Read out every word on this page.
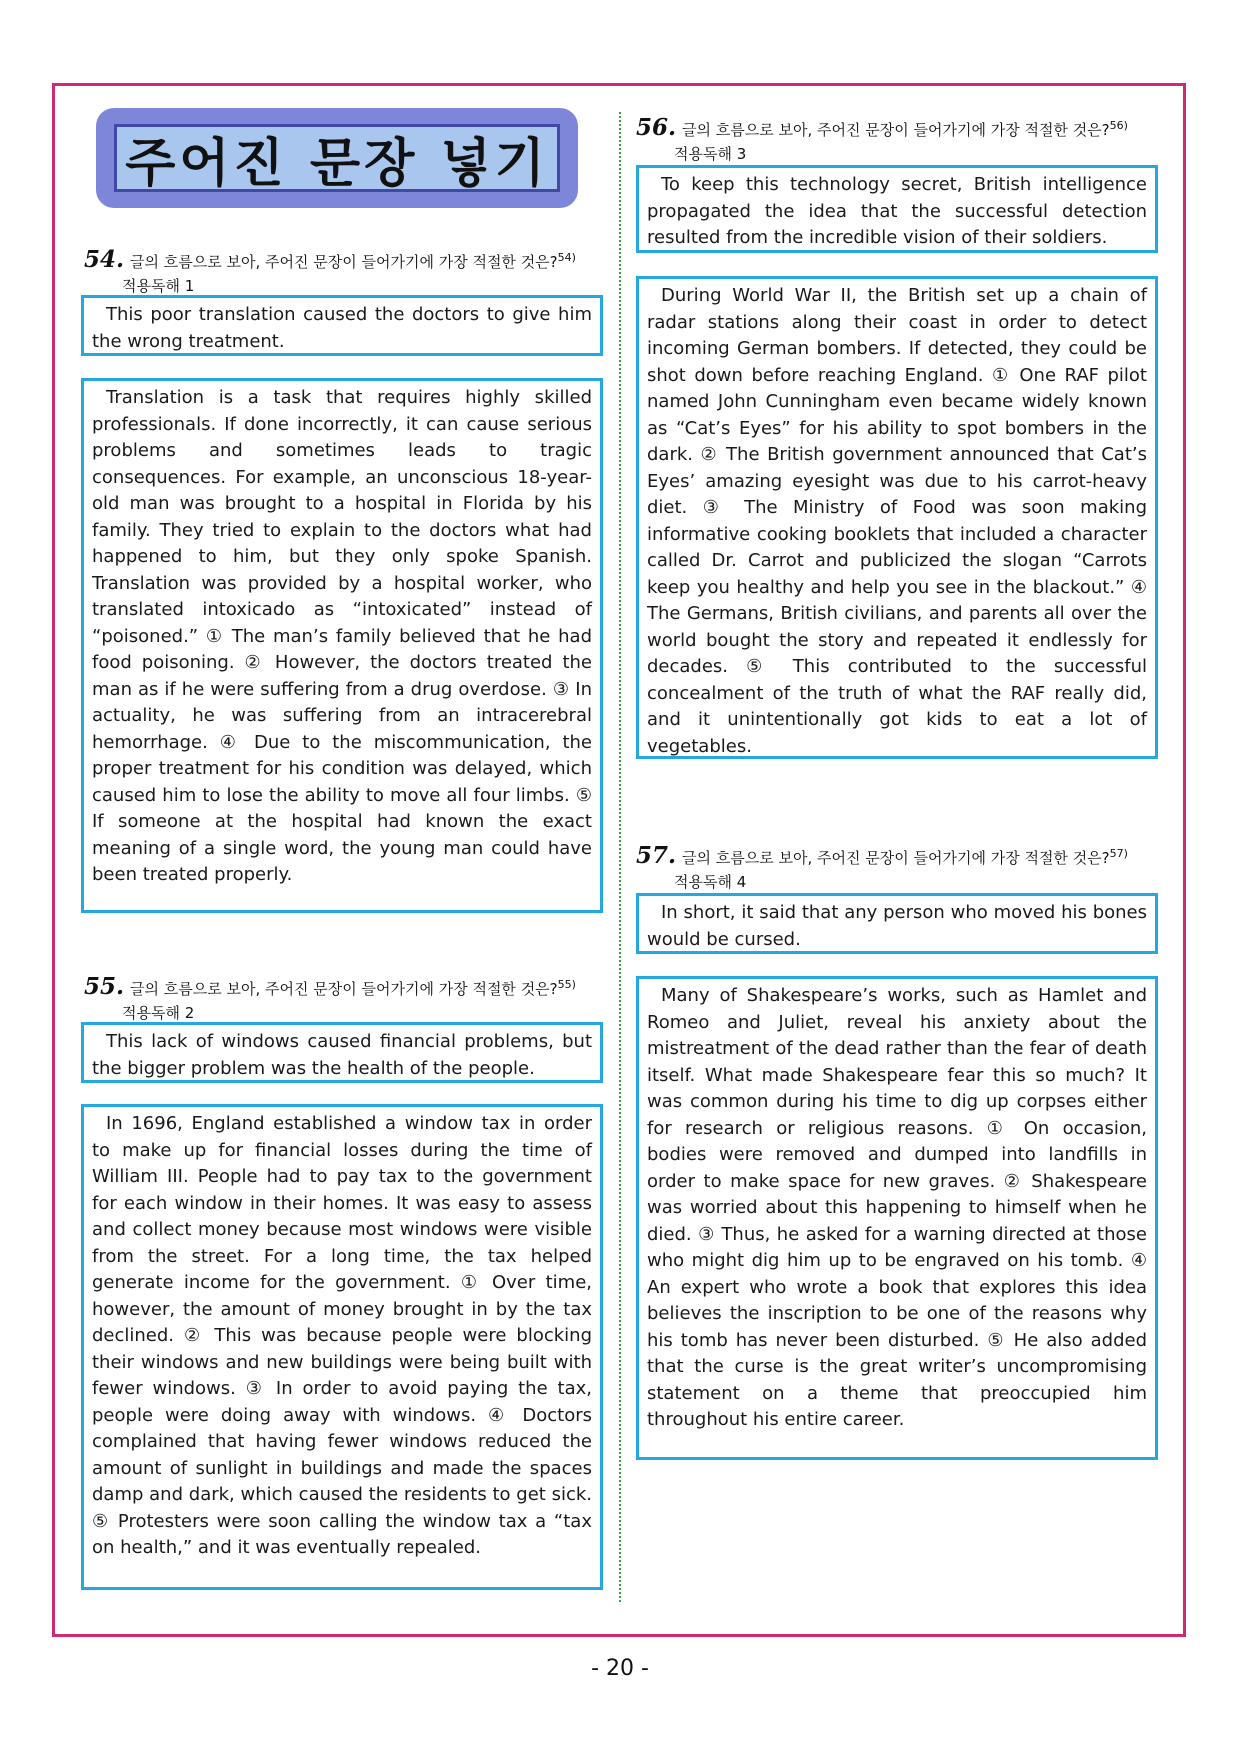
주어진 문장 넣기
54. 글의 흐름으로 보아, 주어진 문장이 들어가기에 가장 적절한 것은?$^{54)}$
적용독해 1

This poor translation caused the doctors to give him the wrong treatment.

Translation is a task that requires highly skilled professionals. If done incorrectly, it can cause serious problems and sometimes leads to tragic consequences. For example, an unconscious 18-year-old man was brought to a hospital in Florida by his family. They tried to explain to the doctors what had happened to him, but they only spoke Spanish. Translation was provided by a hospital worker, who translated intoxicado as “intoxicated” instead of “poisoned.” ① The man’s family believed that he had food poisoning. ② However, the doctors treated the man as if he were suffering from a drug overdose. ③ In actuality, he was suffering from an intracerebral hemorrhage. ④ Due to the miscommunication, the proper treatment for his condition was delayed, which caused him to lose the ability to move all four limbs. ⑤ If someone at the hospital had known the exact meaning of a single word, the young man could have been treated properly.

55. 글의 흐름으로 보아, 주어진 문장이 들어가기에 가장 적절한 것은?$^{55)}$
적용독해 2

This lack of windows caused financial problems, but the bigger problem was the health of the people.

In 1696, England established a window tax in order to make up for financial losses during the time of William III. People had to pay tax to the government for each window in their homes. It was easy to assess and collect money because most windows were visible from the street. For a long time, the tax helped generate income for the government. ① Over time, however, the amount of money brought in by the tax declined. ② This was because people were blocking their windows and new buildings were being built with fewer windows. ③ In order to avoid paying the tax, people were doing away with windows. ④ Doctors complained that having fewer windows reduced the amount of sunlight in buildings and made the spaces damp and dark, which caused the residents to get sick. ⑤ Protesters were soon calling the window tax a “tax on health,” and it was eventually repealed.

56. 글의 흐름으로 보아, 주어진 문장이 들어가기에 가장 적절한 것은?$^{56)}$
적용독해 3

To keep this technology secret, British intelligence propagated the idea that the successful detection resulted from the incredible vision of their soldiers.

During World War II, the British set up a chain of radar stations along their coast in order to detect incoming German bombers. If detected, they could be shot down before reaching England. ① One RAF pilot named John Cunningham even became widely known as “Cat’s Eyes” for his ability to spot bombers in the dark. ② The British government announced that Cat’s Eyes’ amazing eyesight was due to his carrot-heavy diet. ③ The Ministry of Food was soon making informative cooking booklets that included a character called Dr. Carrot and publicized the slogan “Carrots keep you healthy and help you see in the blackout.” ④ The Germans, British civilians, and parents all over the world bought the story and repeated it endlessly for decades. ⑤ This contributed to the successful concealment of the truth of what the RAF really did, and it unintentionally got kids to eat a lot of vegetables.

57. 글의 흐름으로 보아, 주어진 문장이 들어가기에 가장 적절한 것은?$^{57)}$
적용독해 4

In short, it said that any person who moved his bones would be cursed.

Many of Shakespeare’s works, such as Hamlet and Romeo and Juliet, reveal his anxiety about the mistreatment of the dead rather than the fear of death itself. What made Shakespeare fear this so much? It was common during his time to dig up corpses either for research or religious reasons. ① On occasion, bodies were removed and dumped into landfills in order to make space for new graves. ② Shakespeare was worried about this happening to himself when he died. ③ Thus, he asked for a warning directed at those who might dig him up to be engraved on his tomb. ④ An expert who wrote a book that explores this idea believes the inscription to be one of the reasons why his tomb has never been disturbed. ⑤ He also added that the curse is the great writer’s uncompromising statement on a theme that preoccupied him throughout his entire career.

- 20 -
